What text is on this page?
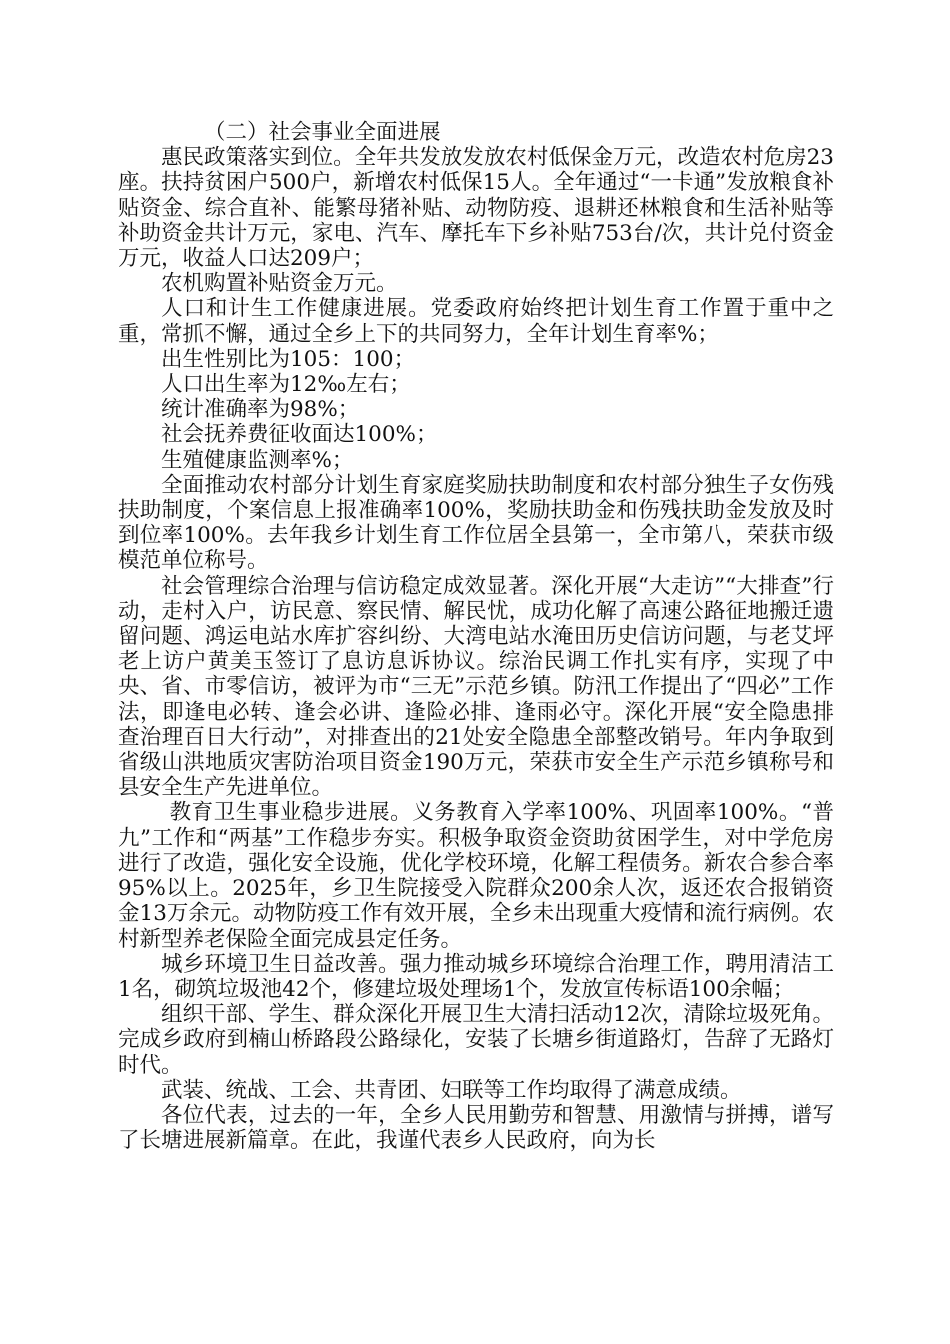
（二）社会事业全面进展

惠民政策落实到位。全年共发放发放农村低保金万元，改造农村危房23座。扶持贫困户500户，新增农村低保15人。全年通过“一卡通”发放粮食补贴资金、综合直补、能繁母猪补贴、动物防疫、退耕还林粮食和生活补贴等补助资金共计万元，家电、汽车、摩托车下乡补贴753台/次，共计兑付资金万元，收益人口达209户；

农机购置补贴资金万元。

人口和计生工作健康进展。党委政府始终把计划生育工作置于重中之重，常抓不懈，通过全乡上下的共同努力，全年计划生育率%；

出生性别比为105：100；

人口出生率为12‰左右；

统计准确率为98%；

社会抚养费征收面达100%；

生殖健康监测率%；

全面推动农村部分计划生育家庭奖励扶助制度和农村部分独生子女伤残扶助制度，个案信息上报准确率100%，奖励扶助金和伤残扶助金发放及时到位率100%。去年我乡计划生育工作位居全县第一，全市第八，荣获市级模范单位称号。

社会管理综合治理与信访稳定成效显著。深化开展“大走访”“大排查”行动，走村入户，访民意、察民情、解民忧，成功化解了高速公路征地搬迁遗留问题、鸿运电站水库扩容纠纷、大湾电站水淹田历史信访问题，与老艾坪老上访户黄美玉签订了息访息诉协议。综治民调工作扎实有序，实现了中央、省、市零信访，被评为市“三无”示范乡镇。防汛工作提出了“四必”工作法，即逢电必转、逢会必讲、逢险必排、逢雨必守。深化开展“安全隐患排查治理百日大行动”，对排查出的21处安全隐患全部整改销号。年内争取到省级山洪地质灾害防治项目资金190万元，荣获市安全生产示范乡镇称号和县安全生产先进单位。

教育卫生事业稳步进展。义务教育入学率100%、巩固率100%。“普九”工作和“两基”工作稳步夯实。积极争取资金资助贫困学生，对中学危房进行了改造，强化安全设施，优化学校环境，化解工程债务。新农合参合率95%以上。2025年，乡卫生院接受入院群众200余人次，返还农合报销资金13万余元。动物防疫工作有效开展，全乡未出现重大疫情和流行病例。农村新型养老保险全面完成县定任务。

城乡环境卫生日益改善。强力推动城乡环境综合治理工作，聘用清洁工1名，砌筑垃圾池42个，修建垃圾处理场1个，发放宣传标语100余幅；

组织干部、学生、群众深化开展卫生大清扫活动12次，清除垃圾死角。完成乡政府到楠山桥路段公路绿化，安装了长塘乡街道路灯，告辞了无路灯时代。

武装、统战、工会、共青团、妇联等工作均取得了满意成绩。

各位代表，过去的一年，全乡人民用勤劳和智慧、用激情与拼搏，谱写了长塘进展新篇章。在此，我谨代表乡人民政府，向为长
